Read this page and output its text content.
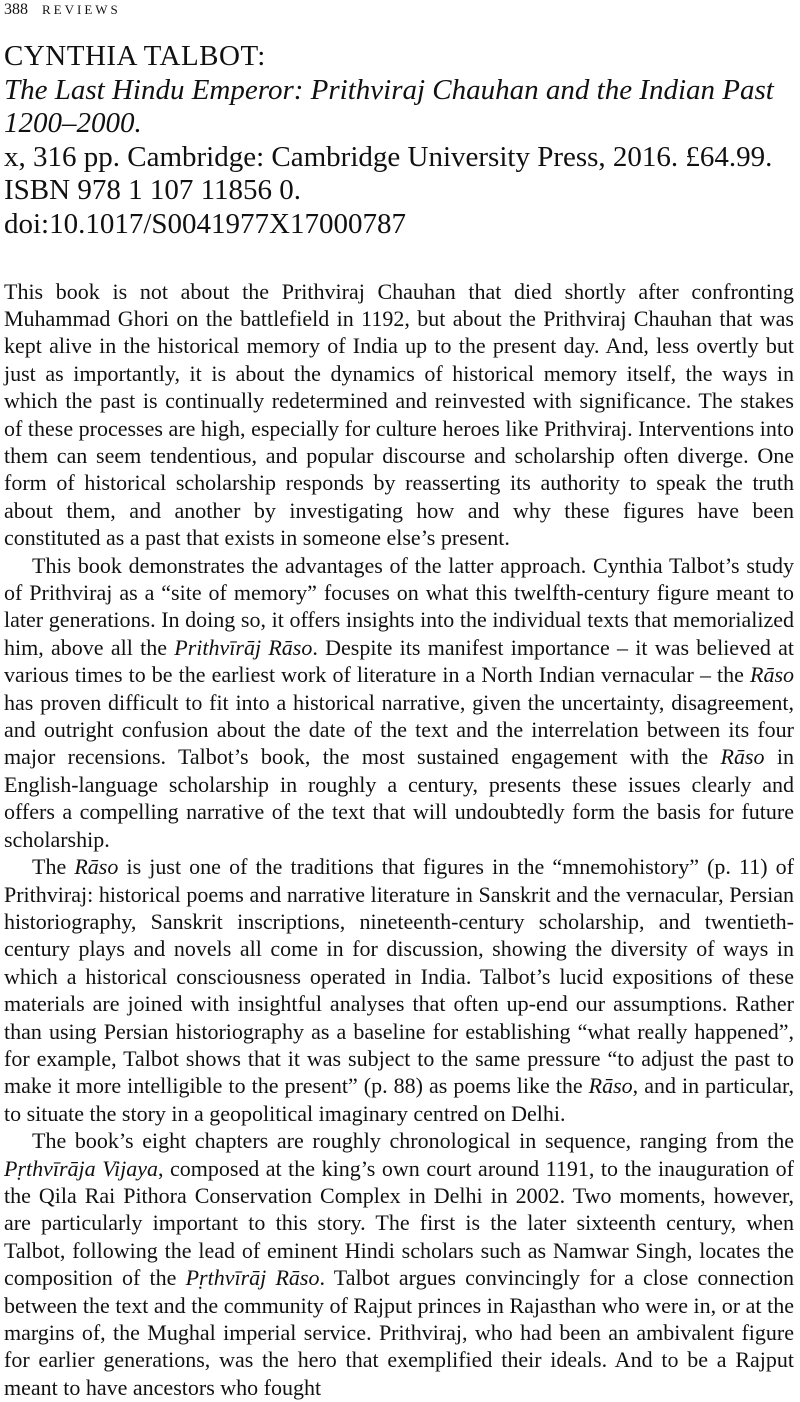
388 REVIEWS
CYNTHIA TALBOT:
The Last Hindu Emperor: Prithviraj Chauhan and the Indian Past 1200–2000.
x, 316 pp. Cambridge: Cambridge University Press, 2016. £64.99. ISBN 978 1 107 11856 0.
doi:10.1017/S0041977X17000787

This book is not about the Prithviraj Chauhan that died shortly after confronting Muhammad Ghori on the battlefield in 1192, but about the Prithviraj Chauhan that was kept alive in the historical memory of India up to the present day. And, less overtly but just as importantly, it is about the dynamics of historical memory itself, the ways in which the past is continually redetermined and reinvested with significance. The stakes of these processes are high, especially for culture heroes like Prithviraj. Interventions into them can seem tendentious, and popular discourse and scholarship often diverge. One form of historical scholarship responds by reasserting its authority to speak the truth about them, and another by investigating how and why these figures have been constituted as a past that exists in someone else’s present.

This book demonstrates the advantages of the latter approach. Cynthia Talbot’s study of Prithviraj as a “site of memory” focuses on what this twelfth-century figure meant to later generations. In doing so, it offers insights into the individual texts that memorialized him, above all the Prithvīrāj Rāso. Despite its manifest importance – it was believed at various times to be the earliest work of literature in a North Indian vernacular – the Rāso has proven difficult to fit into a historical narrative, given the uncertainty, disagreement, and outright confusion about the date of the text and the interrelation between its four major recensions. Talbot’s book, the most sustained engagement with the Rāso in English-language scholarship in roughly a century, presents these issues clearly and offers a compelling narrative of the text that will undoubtedly form the basis for future scholarship.

The Rāso is just one of the traditions that figures in the “mnemohistory” (p. 11) of Prithviraj: historical poems and narrative literature in Sanskrit and the vernacular, Persian historiography, Sanskrit inscriptions, nineteenth-century scholarship, and twentieth-century plays and novels all come in for discussion, showing the diversity of ways in which a historical consciousness operated in India. Talbot’s lucid expositions of these materials are joined with insightful analyses that often up-end our assumptions. Rather than using Persian historiography as a baseline for establishing “what really happened”, for example, Talbot shows that it was subject to the same pressure “to adjust the past to make it more intelligible to the present” (p. 88) as poems like the Rāso, and in particular, to situate the story in a geopolitical imaginary centred on Delhi.

The book’s eight chapters are roughly chronological in sequence, ranging from the Pṛthvīrāja Vijaya, composed at the king’s own court around 1191, to the inauguration of the Qila Rai Pithora Conservation Complex in Delhi in 2002. Two moments, however, are particularly important to this story. The first is the later sixteenth century, when Talbot, following the lead of eminent Hindi scholars such as Namwar Singh, locates the composition of the Pṛthvīrāj Rāso. Talbot argues convincingly for a close connection between the text and the community of Rajput princes in Rajasthan who were in, or at the margins of, the Mughal imperial service. Prithviraj, who had been an ambivalent figure for earlier generations, was the hero that exemplified their ideals. And to be a Rajput meant to have ancestors who fought
